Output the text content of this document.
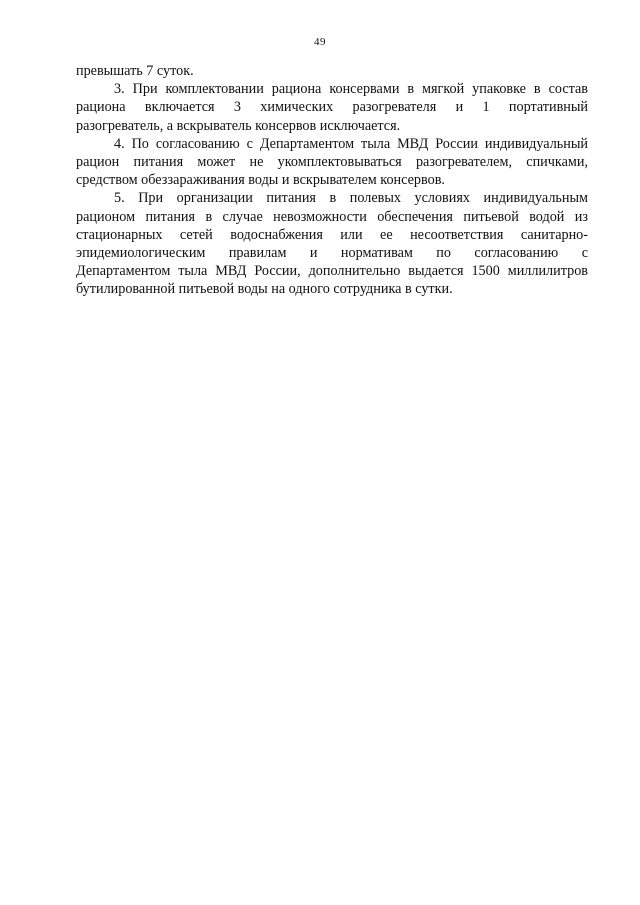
49
превышать 7 суток.
3. При комплектовании рациона консервами в мягкой упаковке в состав
рациона включается 3 химических разогревателя и 1 портативный
разогреватель, а вскрыватель консервов исключается.
4. По согласованию с Департаментом тыла МВД России индивидуальный
рацион питания может не укомплектовываться разогревателем, спичками,
средством обеззараживания воды и вскрывателем консервов.
5. При организации питания в полевых условиях индивидуальным
рационом питания в случае невозможности обеспечения питьевой водой из
стационарных сетей водоснабжения или ее несоответствия санитарно-
эпидемиологическим правилам и нормативам по согласованию с
Департаментом тыла МВД России, дополнительно выдается 1500 миллилитров
бутилированной питьевой воды на одного сотрудника в сутки.
